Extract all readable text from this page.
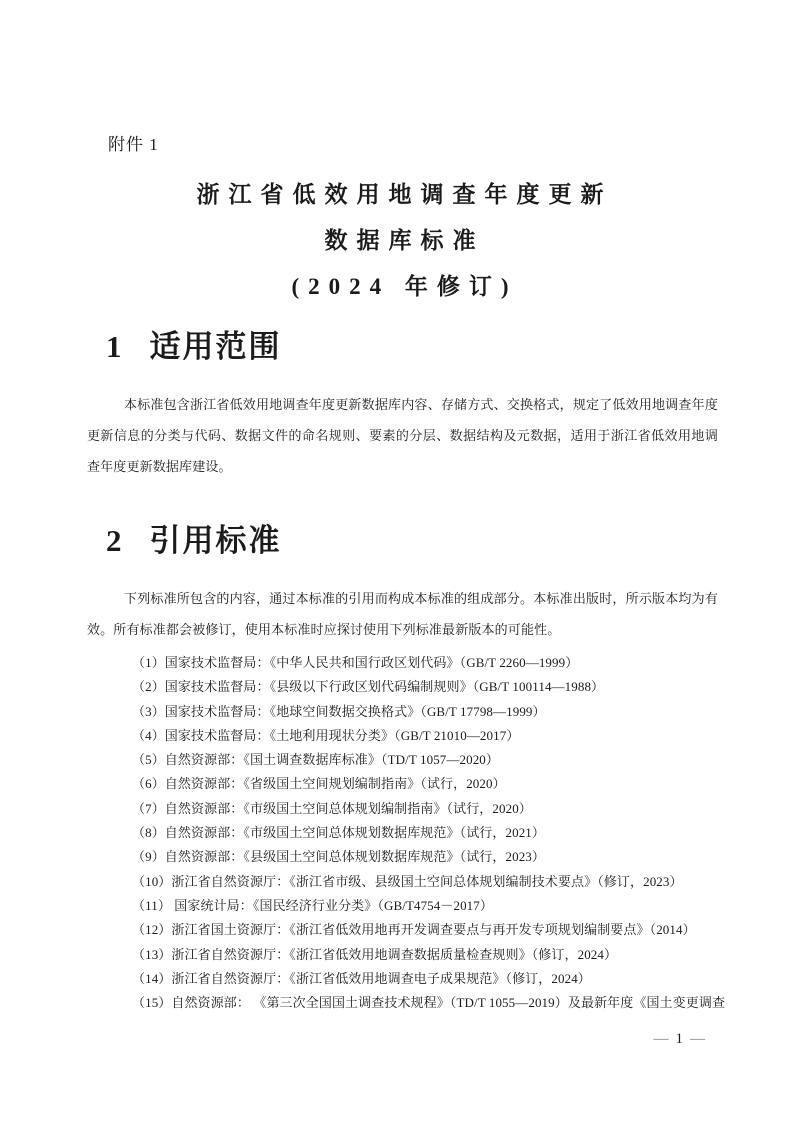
附件 1
浙江省低效用地调查年度更新
数据库标准
(2024 年修订)
1 适用范围

本标准包含浙江省低效用地调查年度更新数据库内容、存储方式、交换格式，规定了低效用地调查年度更新信息的分类与代码、数据文件的命名规则、要素的分层、数据结构及元数据，适用于浙江省低效用地调查年度更新数据库建设。

2 引用标准

下列标准所包含的内容，通过本标准的引用而构成本标准的组成部分。本标准出版时，所示版本均为有效。所有标准都会被修订，使用本标准时应探讨使用下列标准最新版本的可能性。

（1）国家技术监督局：《中华人民共和国行政区划代码》（GB/T 2260—1999）
（2）国家技术监督局：《县级以下行政区划代码编制规则》（GB/T 100114—1988）
（3）国家技术监督局：《地球空间数据交换格式》（GB/T 17798—1999）
（4）国家技术监督局：《土地利用现状分类》（GB/T 21010—2017）
（5）自然资源部：《国土调查数据库标准》（TD/T 1057—2020）
（6）自然资源部：《省级国土空间规划编制指南》（试行，2020）
（7）自然资源部：《市级国土空间总体规划编制指南》（试行，2020）
（8）自然资源部：《市级国土空间总体规划数据库规范》（试行，2021）
（9）自然资源部：《县级国土空间总体规划数据库规范》（试行，2023）
（10）浙江省自然资源厅：《浙江省市级、县级国土空间总体规划编制技术要点》（修订，2023）
（11） 国家统计局：《国民经济行业分类》（GB/T4754－2017）
（12）浙江省国土资源厅：《浙江省低效用地再开发调查要点与再开发专项规划编制要点》（2014）
（13）浙江省自然资源厅：《浙江省低效用地调查数据质量检查规则》（修订，2024）
（14）浙江省自然资源厅：《浙江省低效用地调查电子成果规范》（修订，2024）
（15）自然资源部： 《第三次全国国土调查技术规程》（TD/T 1055—2019）及最新年度《国土变更调查
— 1 —
